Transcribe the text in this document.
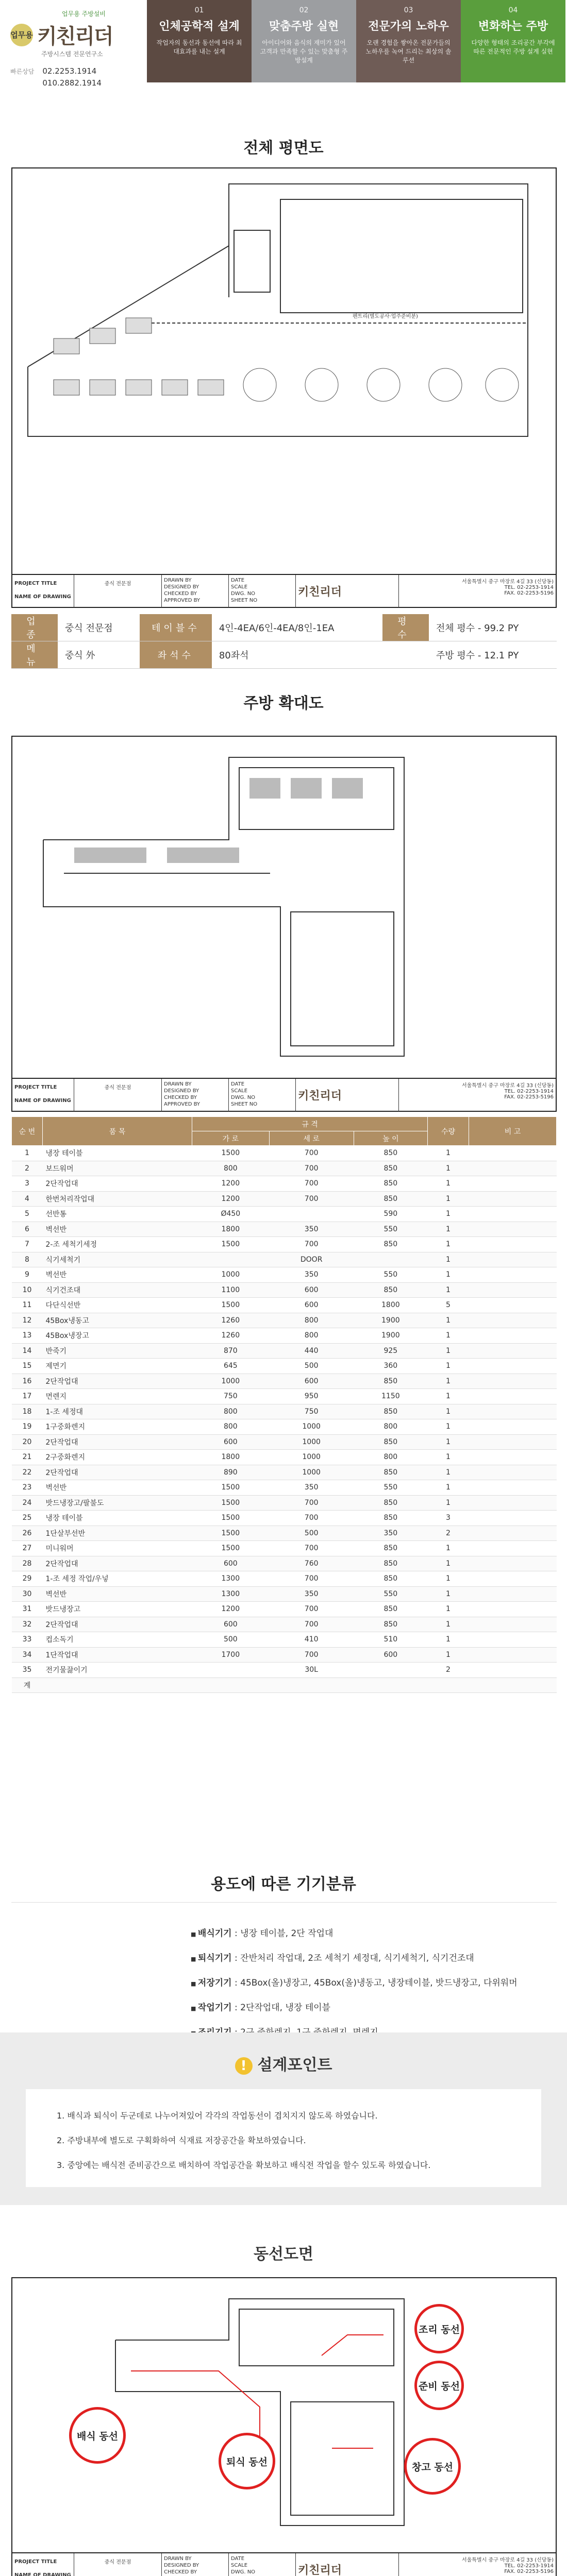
업무용 주방설비
업무용 키친리더
주방시스템 전문연구소
빠른상담 02.2253.1914
010.2882.1914
01
인체공학적 설계
작업자의 동선과 동선에 따라 최대효과를 내는 설계
02
맞춤주방 실현
아이디어와 음식의 재미가 있어 고객과 만족할 수 있는 맞춤형 주방설계
03
전문가의 노하우
오랜 경험을 쌓아온 전문가들의 노하우를 녹여 드리는 최상의 솔루션
04
변화하는 주방
다양한 형태의 조리공간 부각에 따른 전문적인 주방 설계 실현
전체 평면도
펜트리(별도공사·업주준비분)
PROJECT TITLE
NAME OF DRAWING
중식 전문점
DRAWN BY
DESIGNED BY
CHECKED BY
APPROVED BY
DATE
SCALE
DWG. NO
SHEET NO
키친리더
서울특별시 중구 마장로 4길 33 (신당동)
TEL. 02-2253-1914
FAX. 02-2253-5196
업종	중식 전문점	테이블수	4인-4EA/6인-4EA/8인-1EA	평수	전체 평수 - 99.2 PY
메뉴	중식 外	좌석수	80좌석		주방 평수 - 12.1 PY
주방 확대도
PROJECT TITLE
NAME OF DRAWING
중식 전문점
DRAWN BY
DESIGNED BY
CHECKED BY
APPROVED BY
DATE
SCALE
DWG. NO
SHEET NO
키친리더
서울특별시 중구 마장로 4길 33 (신당동)
TEL. 02-2253-1914
FAX. 02-2253-5196
순 번	품 목	규 격			수량	비 고
		가 로	세 로	높 이		
1	냉장 테이블	1500	700	850	1	
2	보드워머	800	700	850	1	
3	2단작업대	1200	700	850	1	
4	한번처리작업대	1200	700	850	1	
5	선반통	Ø450		590	1	
6	벽선반	1800	350	550	1	
7	2-조 세척기세정	1500	700	850	1	
8	식기세척기		DOOR		1	
9	벽선반	1000	350	550	1	
10	식기건조대	1100	600	850	1	
11	다단식선반	1500	600	1800	5	
12	45Box냉동고	1260	800	1900	1	
13	45Box냉장고	1260	800	1900	1	
14	반죽기	870	440	925	1	
15	제면기	645	500	360	1	
16	2단작업대	1000	600	850	1	
17	면렌지	750	950	1150	1	
18	1-조 세정대	800	750	850	1	
19	1구중화렌지	800	1000	800	1	
20	2단작업대	600	1000	850	1	
21	2구중화렌지	1800	1000	800	1	
22	2단작업대	890	1000	850	1	
23	벽선반	1500	350	550	1	
24	밧드냉장고/팔불도	1500	700	850	1	
25	냉장 테이블	1500	700	850	3	
26	1단살부선반	1500	500	350	2	
27	미니워머	1500	700	850	1	
28	2단작업대	600	760	850	1	
29	1-조 세정 작업/우넣	1300	700	850	1	
30	벽선반	1300	350	550	1	
31	밧드냉장고	1200	700	850	1	
32	2단작업대	600	700	850	1	
33	컵소독기	500	410	510	1	
34	1단작업대	1700	700	600	1	
35	전기물끓이기		30L		2	
계						
용도에 따른 기기분류
■ 배식기기 : 냉장 테이블, 2단 작업대
■ 퇴식기기 : 잔반처리 작업대, 2조 세척기 세정대, 식기세척기, 식기건조대
■ 저장기기 : 45Box(올)냉장고, 45Box(올)냉동고, 냉장테이블, 밧드냉장고, 다위워머
■ 작업기기 : 2단작업대, 냉장 테이블
■
! 설계포인트
1. 배식과 퇴식이 두군데로 나누어져있어 각각의 작업동선이 겹치지지 않도록 하였습니다.
2. 주방내부에 별도로 구획화하여 식재료 저장공간을 확보하였습니다.
3. 중앙에는 배식전 준비공간으로 배치하여 작업공간을 확보하고 배식전 작업을 할수 있도록 하였습니다.
동선도면
조리 동선
준비 동선
배식 동선
퇴식 동선	창고 동선
PROJECT TITLE
NAME OF DRAWING
중식 전문점
DRAWN BY
DESIGNED BY
CHECKED BY

DATE
SCALE
DWG. NO	키친리더
서울특별시 중구 마장로 4길 33 (신당동)
TEL. 02-2253-1914
FAX. 02-2253-5196
